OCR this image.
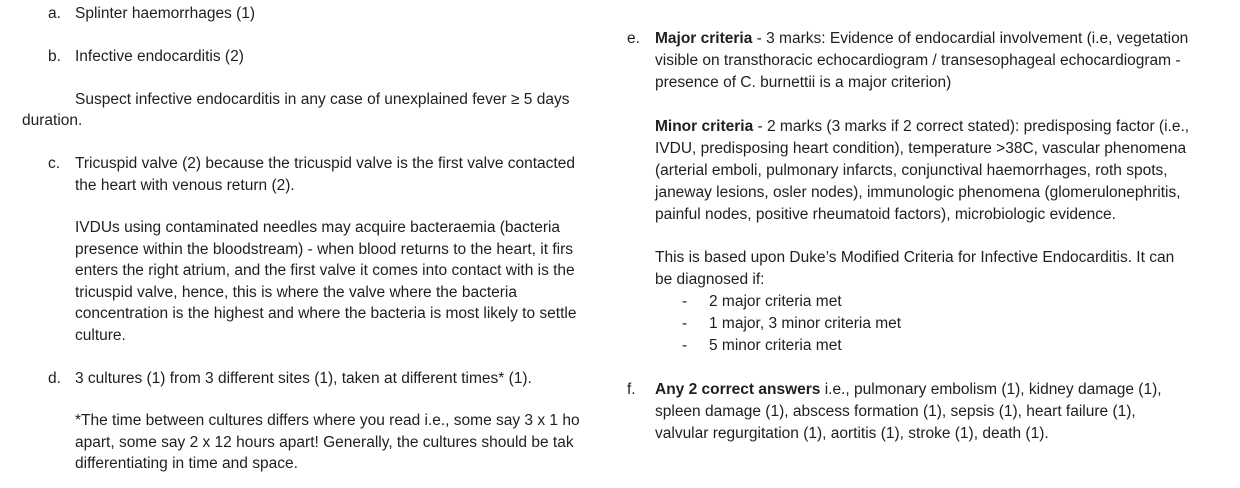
a. Splinter haemorrhages (1)
b. Infective endocarditis (2)
Suspect infective endocarditis in any case of unexplained fever ≥ 5 days
duration.
c. Tricuspid valve (2) because the tricuspid valve is the first valve contacted
the heart with venous return (2).
IVDUs using contaminated needles may acquire bacteraemia (bacteria
presence within the bloodstream) - when blood returns to the heart, it firs
enters the right atrium, and the first valve it comes into contact with is the
tricuspid valve, hence, this is where the valve where the bacteria
concentration is the highest and where the bacteria is most likely to settle
culture.
d. 3 cultures (1) from 3 different sites (1), taken at different times* (1).
*The time between cultures differs where you read i.e., some say 3 x 1 ho
apart, some say 2 x 12 hours apart! Generally, the cultures should be tak
differentiating in time and space.
e. Major criteria - 3 marks: Evidence of endocardial involvement (i.e, vegetation
visible on transthoracic echocardiogram / transesophageal echocardiogram -
presence of C. burnettii is a major criterion)
Minor criteria - 2 marks (3 marks if 2 correct stated): predisposing factor (i.e.,
IVDU, predisposing heart condition), temperature >38C, vascular phenomena
(arterial emboli, pulmonary infarcts, conjunctival haemorrhages, roth spots,
janeway lesions, osler nodes), immunologic phenomena (glomerulonephritis,
painful nodes, positive rheumatoid factors), microbiologic evidence.
This is based upon Duke’s Modified Criteria for Infective Endocarditis. It can
be diagnosed if:
- 2 major criteria met
- 1 major, 3 minor criteria met
- 5 minor criteria met
f. Any 2 correct answers i.e., pulmonary embolism (1), kidney damage (1),
spleen damage (1), abscess formation (1), sepsis (1), heart failure (1),
valvular regurgitation (1), aortitis (1), stroke (1), death (1).
